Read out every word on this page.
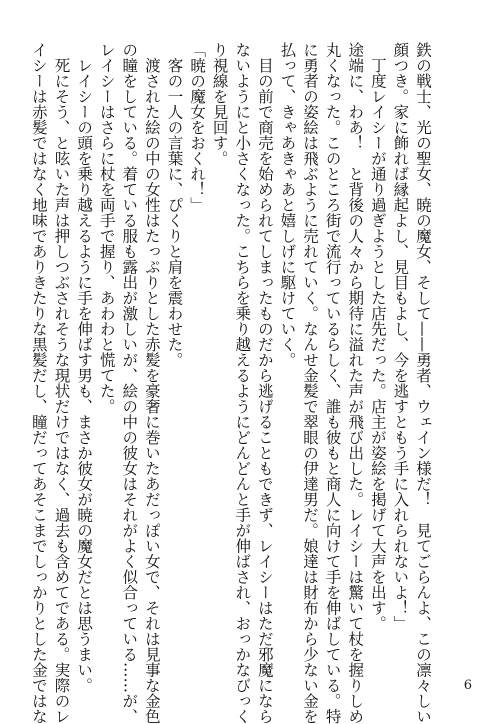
鉄の戦士、光の聖女、暁の魔女、そして——勇者、ウェイン様だ！　見てごらんよ、この凛々しい

顔つき。家に飾れば縁起よし、見目もよし、今を逃すともう手に入れられないよ！」

　丁度レイシーが通り過ぎようとした店先だった。店主が姿絵を掲げて大声を出す。

途端に、わあ！　と背後の人々から期待に溢れた声が飛び出した。レイシーは驚いて杖を握りしめ

丸くなった。このところ街で流行っているらしく、誰も彼もと商人に向けて手を伸ばしている。特

に勇者の姿絵は飛ぶように売れていく。なんせ金髪で翠眼の伊達男だ。娘達は財布から少ない金を

払って、きゃあきゃあと嬉しげに駆けていく。

　目の前で商売を始められてしまったものだから逃げることもできず、レイシーはただ邪魔になら

ないようにと小さくなった。こちらを乗り越えるようにどんどんと手が伸ばされ、おっかなびっく

り視線を見回す。

「暁の魔女をおくれ！」

　客の一人の言葉に、ぴくりと肩を震わせた。

　渡された絵の中の女性はたっぷりとした赤髪を豪奢に巻いたあだっぽい女で、それは見事な金色

の瞳をしている。着ている服も露出が激しいが、絵の中の彼女はそれがよく似合っている……が、

レイシーはさらに杖を両手で握り、あわわと慌てた。

　レイシーの頭を乗り越えるように手を伸ばす男も、まさか彼女が暁の魔女だとは思うまい。

　死にそう、と呟いた声は押しつぶされそうな現状だけではなく、過去も含めてである。実際のレ

イシーは赤髪ではなく地味でありきたりな黒髪だし、瞳だってあそこまでしっかりとした金ではな	6
